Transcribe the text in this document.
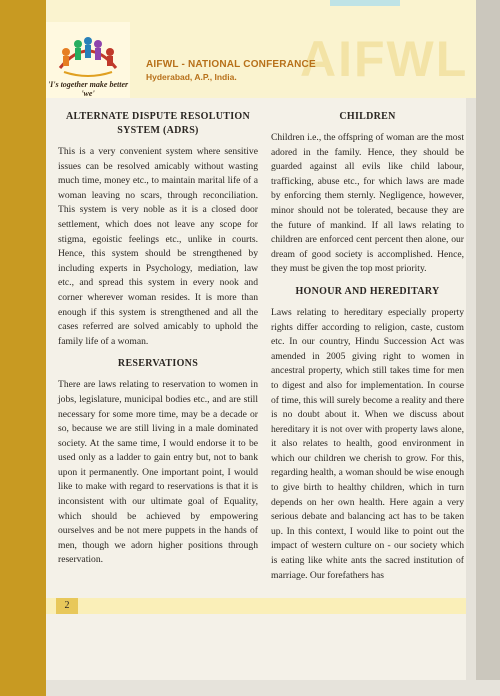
AIFWL
'I's together make better 'we'
AIFWL - NATIONAL CONFERANCE
Hyderabad, A.P., India.
ALTERNATE DISPUTE RESOLUTION SYSTEM (ADRS)

This is a very convenient system where sensitive issues can be resolved amicably without wasting much time, money etc., to maintain marital life of a woman leaving no scars, through reconciliation. This system is very noble as it is a closed door settlement, which does not leave any scope for stigma, egoistic feelings etc., unlike in courts. Hence, this system should be strengthened by including experts in Psychology, mediation, law etc., and spread this system in every nook and corner wherever woman resides. It is more than enough if this system is strengthened and all the cases referred are solved amicably to uphold the family life of a woman.

RESERVATIONS

There are laws relating to reservation to women in jobs, legislature, municipal bodies etc., and are still necessary for some more time, may be a decade or so, because we are still living in a male dominated society. At the same time, I would endorse it to be used only as a ladder to gain entry but, not to bank upon it permanently. One important point, I would like to make with regard to reservations is that it is inconsistent with our ultimate goal of Equality, which should be achieved by empowering ourselves and be not mere puppets in the hands of men, though we adorn higher positions through reservation.

CHILDREN

Children i.e., the offspring of woman are the most adored in the family. Hence, they should be guarded against all evils like child labour, trafficking, abuse etc., for which laws are made by enforcing them sternly. Negligence, however, minor should not be tolerated, because they are the future of mankind. If all laws relating to children are enforced cent percent then alone, our dream of good society is accomplished. Hence, they must be given the top most priority.

HONOUR AND HEREDITARY

Laws relating to hereditary especially property rights differ according to religion, caste, custom etc. In our country, Hindu Succession Act was amended in 2005 giving right to women in ancestral property, which still takes time for men to digest and also for implementation. In course of time, this will surely become a reality and there is no doubt about it. When we discuss about hereditary it is not over with property laws alone, it also relates to health, good environment in which our children we cherish to grow. For this, regarding health, a woman should be wise enough to give birth to healthy children, which in turn depends on her own health. Here again a very serious debate and balancing act has to be taken up. In this context, I would like to point out the impact of western culture on - our society which is eating like white ants the sacred institution of marriage. Our forefathers has

2
